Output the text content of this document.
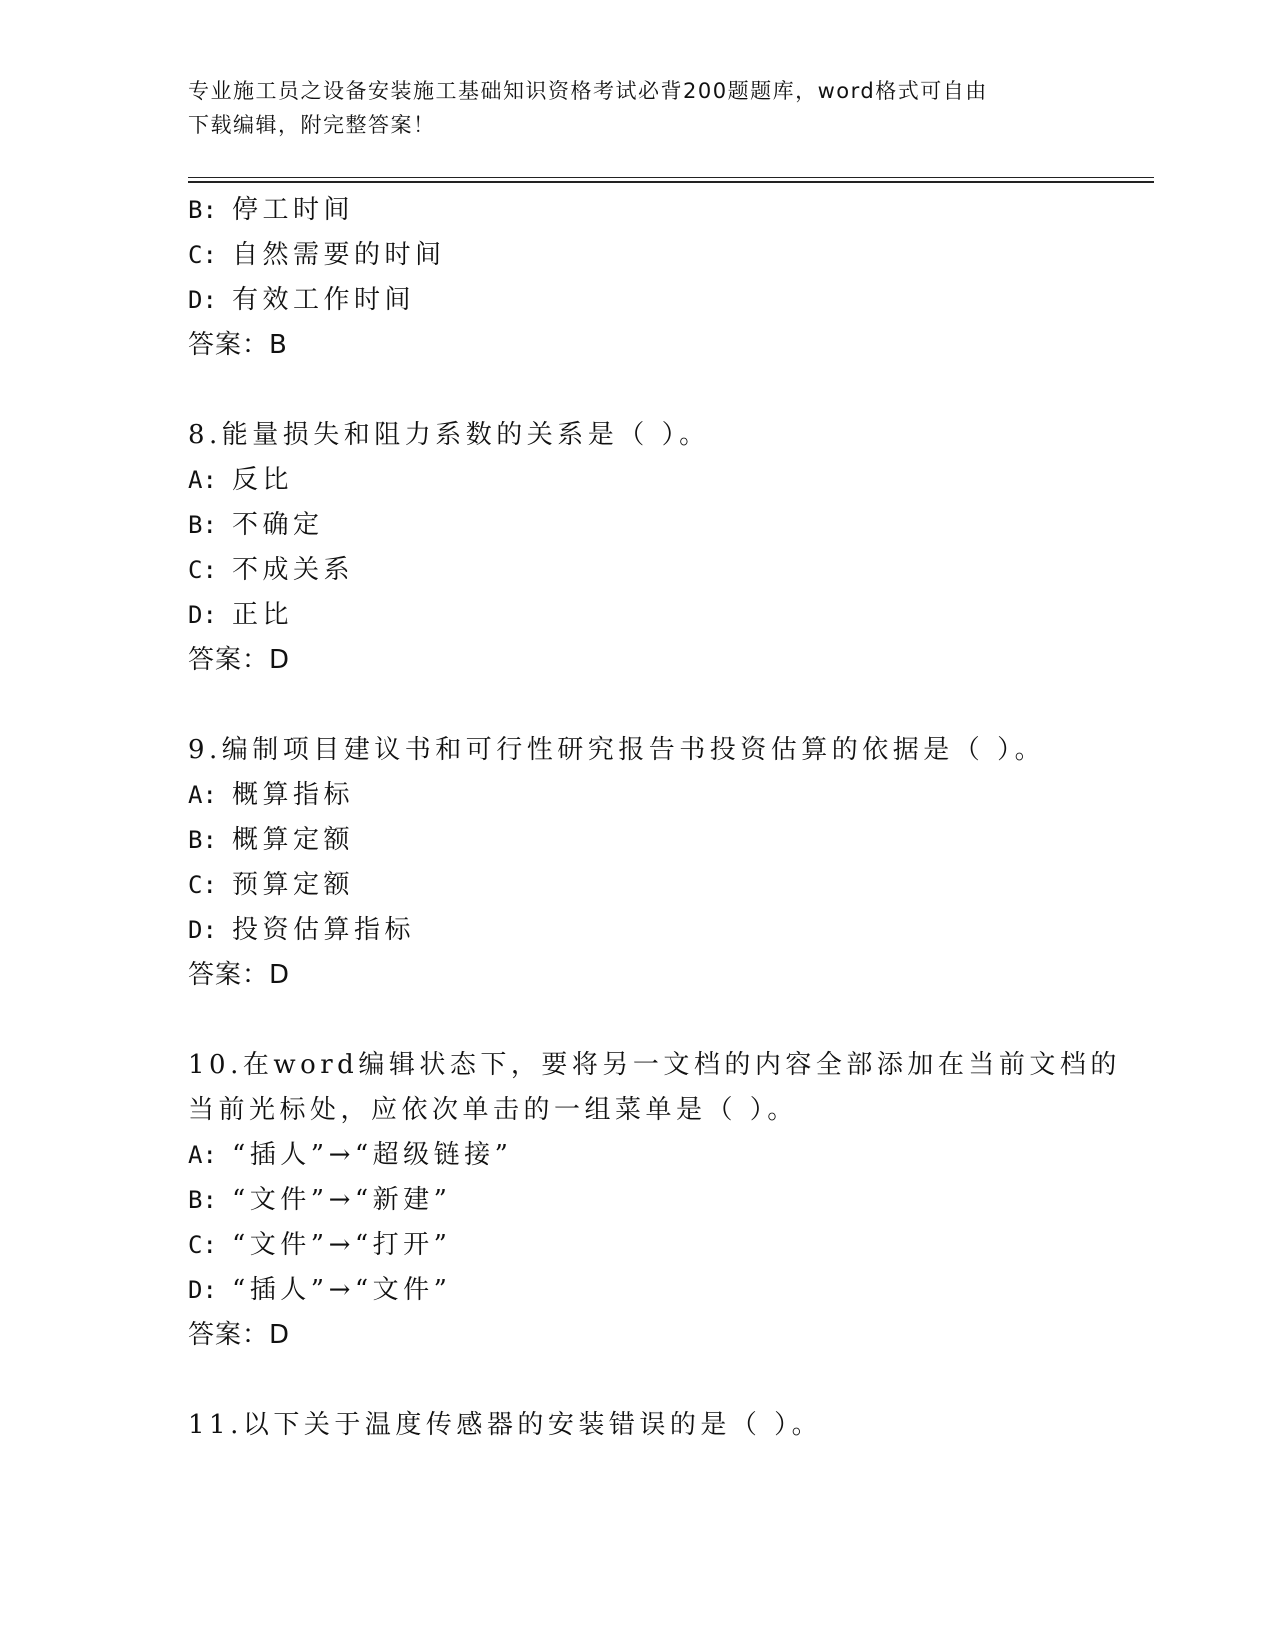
专业施工员之设备安装施工基础知识资格考试必背200题题库，word格式可自由
下载编辑，附完整答案！
B: 停工时间
C: 自然需要的时间
D: 有效工作时间
答案：B
8.能量损失和阻力系数的关系是（ ）。
A: 反比
B: 不确定
C: 不成关系
D: 正比
答案：D
9.编制项目建议书和可行性研究报告书投资估算的依据是（ ）。
A: 概算指标
B: 概算定额
C: 预算定额
D: 投资估算指标
答案：D
10.在word编辑状态下，要将另一文档的内容全部添加在当前文档的
当前光标处，应依次单击的一组菜单是（ ）。
A: “插人”→“超级链接”
B: “文件”→“新建”
C: “文件”→“打开”
D: “插人”→“文件”
答案：D
11.以下关于温度传感器的安装错误的是（ ）。
